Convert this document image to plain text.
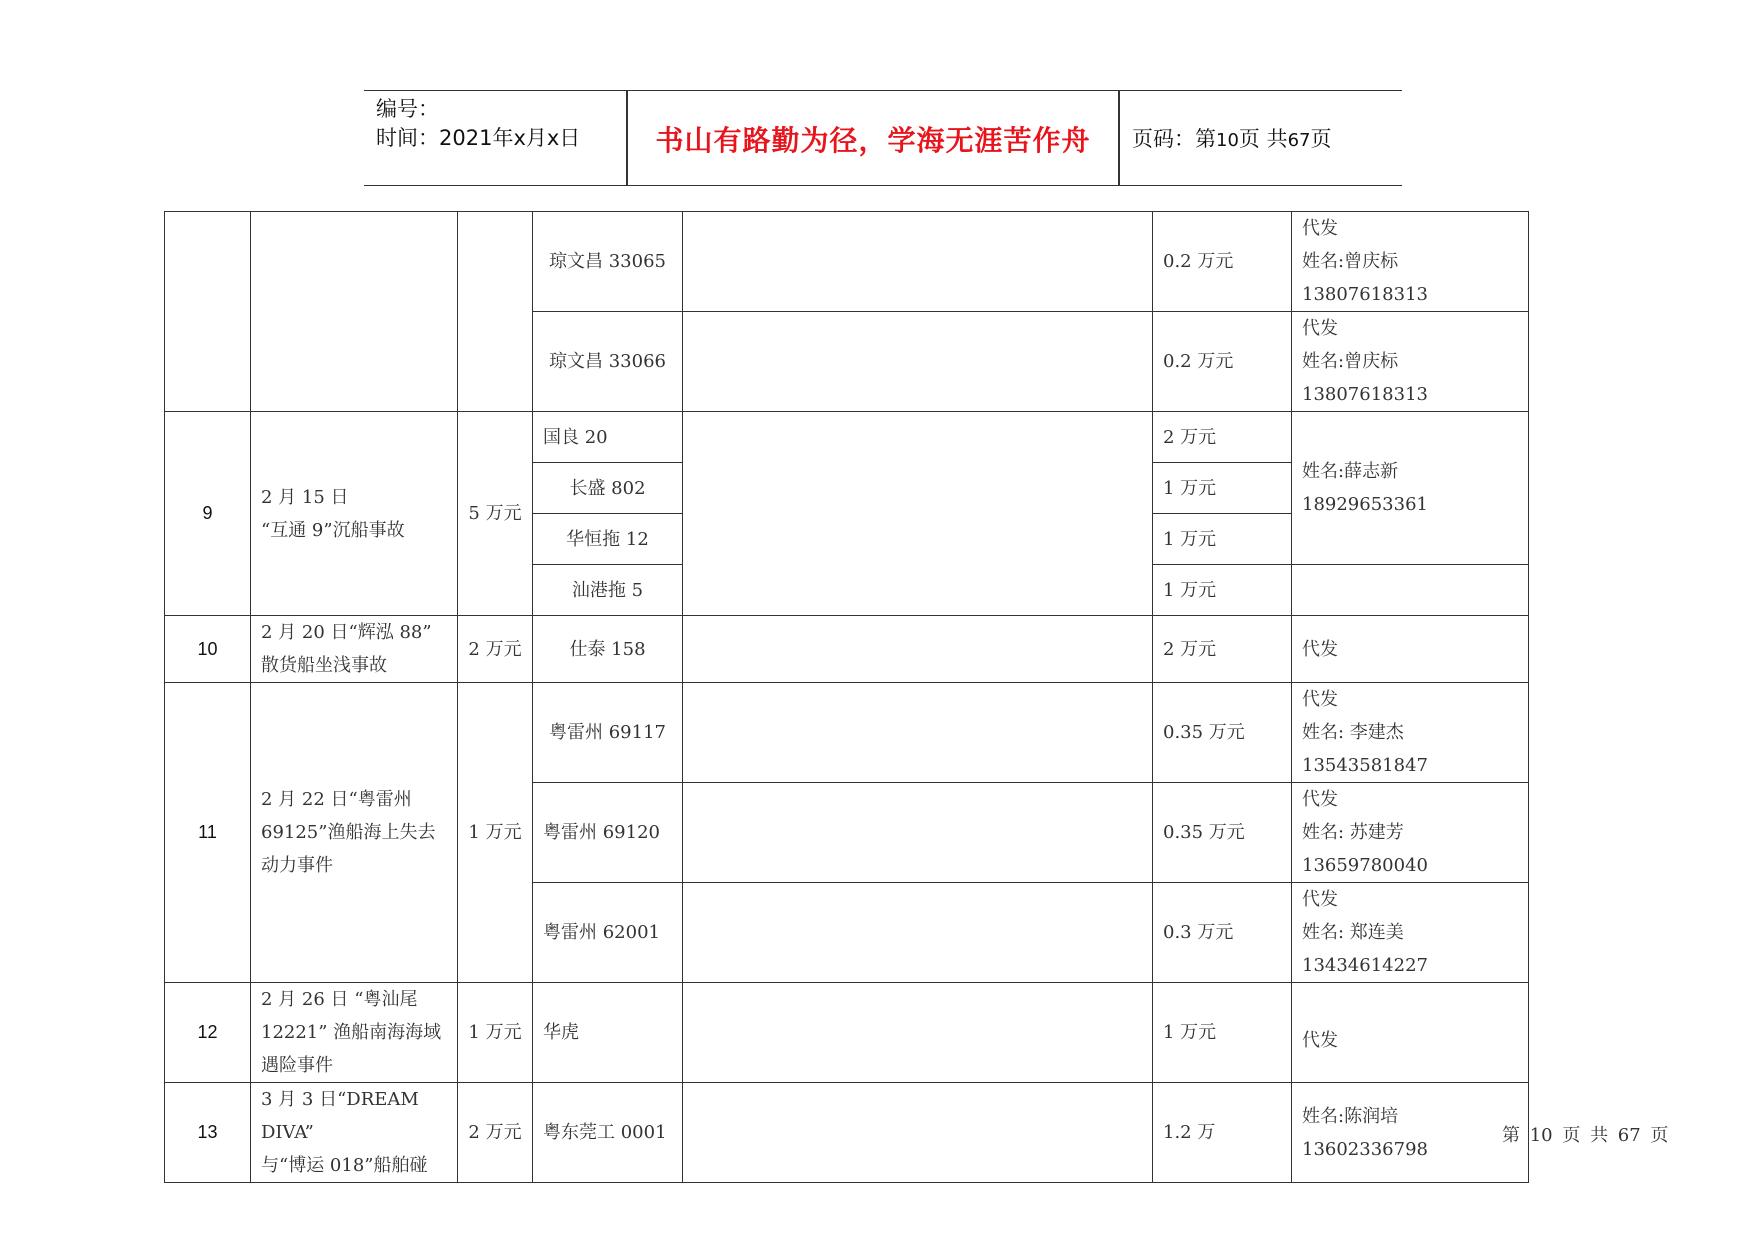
编号：
时间：2021年x月x日	书山有路勤为径，学海无涯苦作舟	页码：第10页 共67页
			琼文昌 33065		0.2 万元	代发
姓名:曾庆标
13807618313

			琼文昌 33066		0.2 万元	代发
姓名:曾庆标
13807618313

9	2 月 15 日
“互通 9”沉船事故	5 万元	国良 20		2 万元	姓名:薛志新
18929653361

			长盛 802		1 万元	
			华恒拖 12		1 万元	
			汕港拖 5		1 万元	
10	2 月 20 日“辉泓 88”
散货船坐浅事故	2 万元	仕泰 158		2 万元	代发

11	2 月 22 日“粤雷州
69125”渔船海上失去
动力事件	1 万元	粤雷州 69117		0.35 万元	代发
姓名: 李建杰 13543581847

			粤雷州 69120		0.35 万元	代发
姓名: 苏建芳 13659780040

			粤雷州 62001		0.3 万元	代发
姓名: 郑连美 13434614227

12	2 月 26 日 “粤汕尾
12221” 渔船南海海域
遇险事件	1 万元	华虎		1 万元	代发

13	3 月 3 日“DREAM DIVA”
与“博运 018”船舶碰	2 万元	粤东莞工 0001		1.2 万	姓名:陈润培
13602336798
第 10 页 共 67 页
